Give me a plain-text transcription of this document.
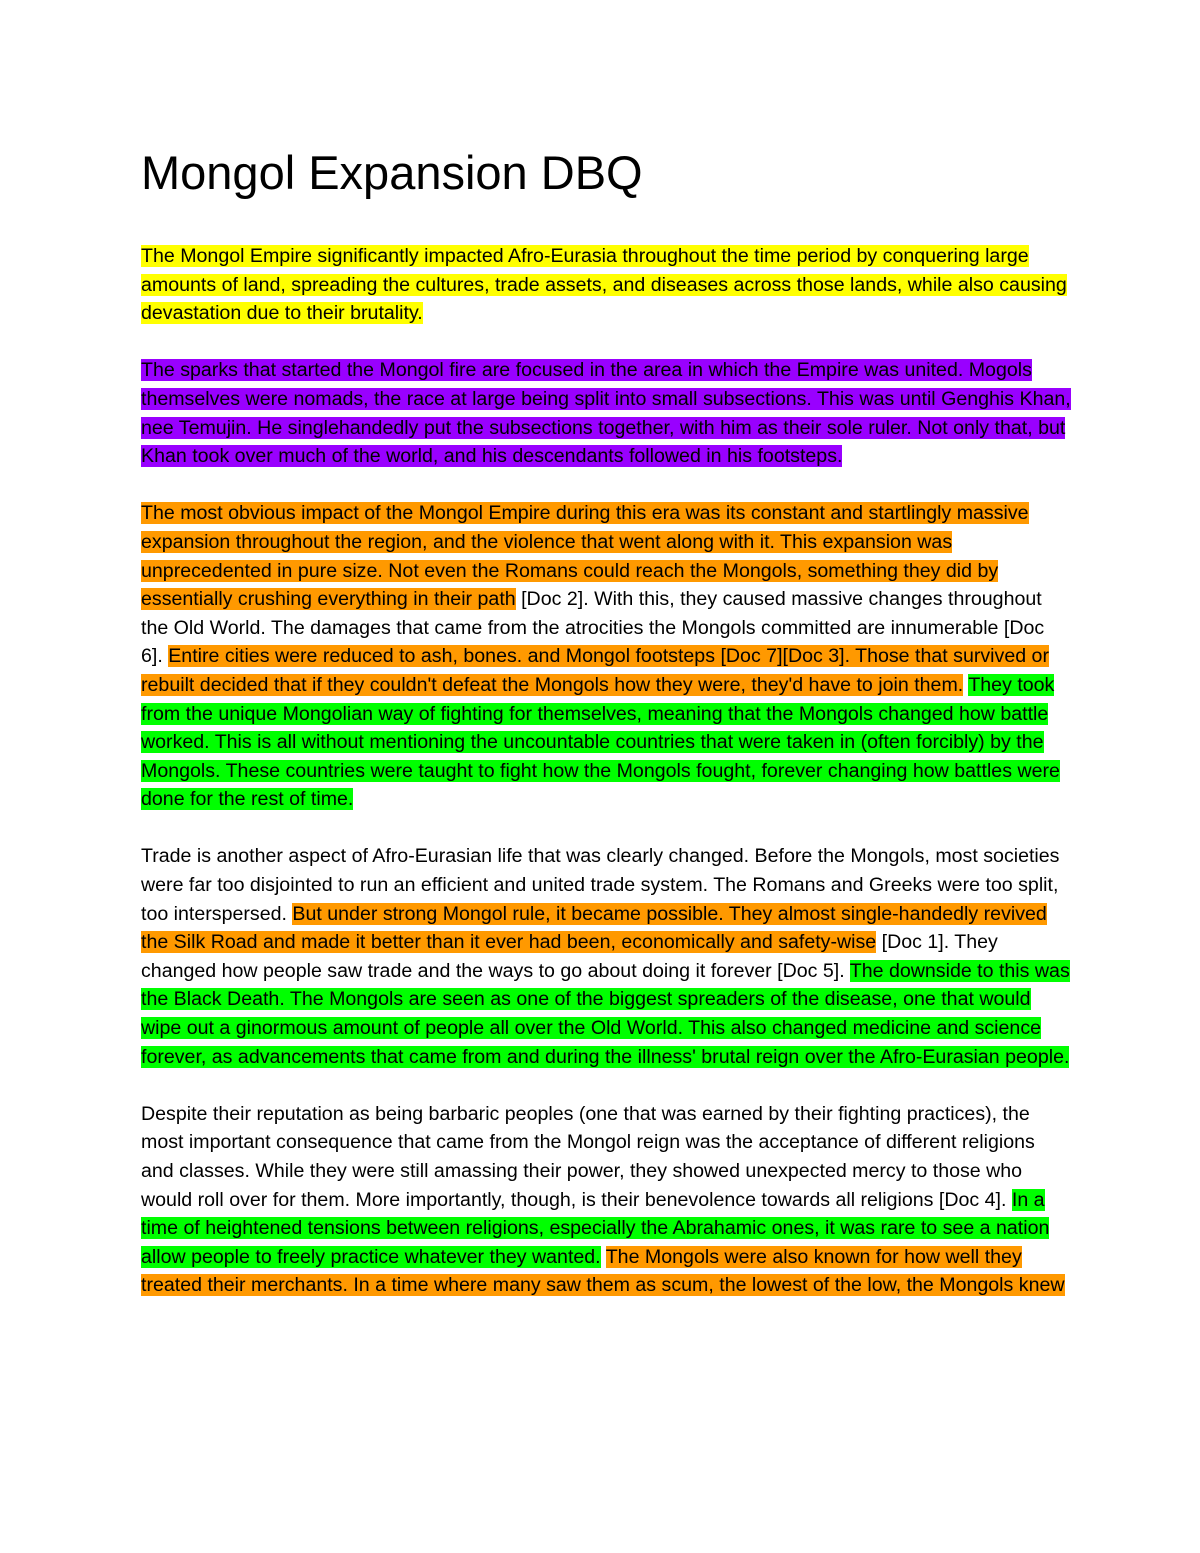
Mongol Expansion DBQ

The Mongol Empire significantly impacted Afro-Eurasia throughout the time period by conquering large amounts of land, spreading the cultures, trade assets, and diseases across those lands, while also causing devastation due to their brutality.

The sparks that started the Mongol fire are focused in the area in which the Empire was united. Mogols themselves were nomads, the race at large being split into small subsections. This was until Genghis Khan, nee Temujin. He singlehandedly put the subsections together, with him as their sole ruler. Not only that, but Khan took over much of the world, and his descendants followed in his footsteps.

The most obvious impact of the Mongol Empire during this era was its constant and startlingly massive expansion throughout the region, and the violence that went along with it. This expansion was unprecedented in pure size. Not even the Romans could reach the Mongols, something they did by essentially crushing everything in their path [Doc 2]. With this, they caused massive changes throughout the Old World. The damages that came from the atrocities the Mongols committed are innumerable [Doc 6]. Entire cities were reduced to ash, bones. and Mongol footsteps [Doc 7][Doc 3]. Those that survived or rebuilt decided that if they couldn't defeat the Mongols how they were, they'd have to join them. They took from the unique Mongolian way of fighting for themselves, meaning that the Mongols changed how battle worked. This is all without mentioning the uncountable countries that were taken in (often forcibly) by the Mongols. These countries were taught to fight how the Mongols fought, forever changing how battles were done for the rest of time.

Trade is another aspect of Afro-Eurasian life that was clearly changed. Before the Mongols, most societies were far too disjointed to run an efficient and united trade system. The Romans and Greeks were too split, too interspersed. But under strong Mongol rule, it became possible. They almost single-handedly revived the Silk Road and made it better than it ever had been, economically and safety-wise [Doc 1]. They changed how people saw trade and the ways to go about doing it forever [Doc 5]. The downside to this was the Black Death. The Mongols are seen as one of the biggest spreaders of the disease, one that would wipe out a ginormous amount of people all over the Old World. This also changed medicine and science forever, as advancements that came from and during the illness' brutal reign over the Afro-Eurasian people.

Despite their reputation as being barbaric peoples (one that was earned by their fighting practices), the most important consequence that came from the Mongol reign was the acceptance of different religions and classes. While they were still amassing their power, they showed unexpected mercy to those who would roll over for them. More importantly, though, is their benevolence towards all religions [Doc 4]. In a time of heightened tensions between religions, especially the Abrahamic ones, it was rare to see a nation allow people to freely practice whatever they wanted. The Mongols were also known for how well they treated their merchants. In a time where many saw them as scum, the lowest of the low, the Mongols knew
